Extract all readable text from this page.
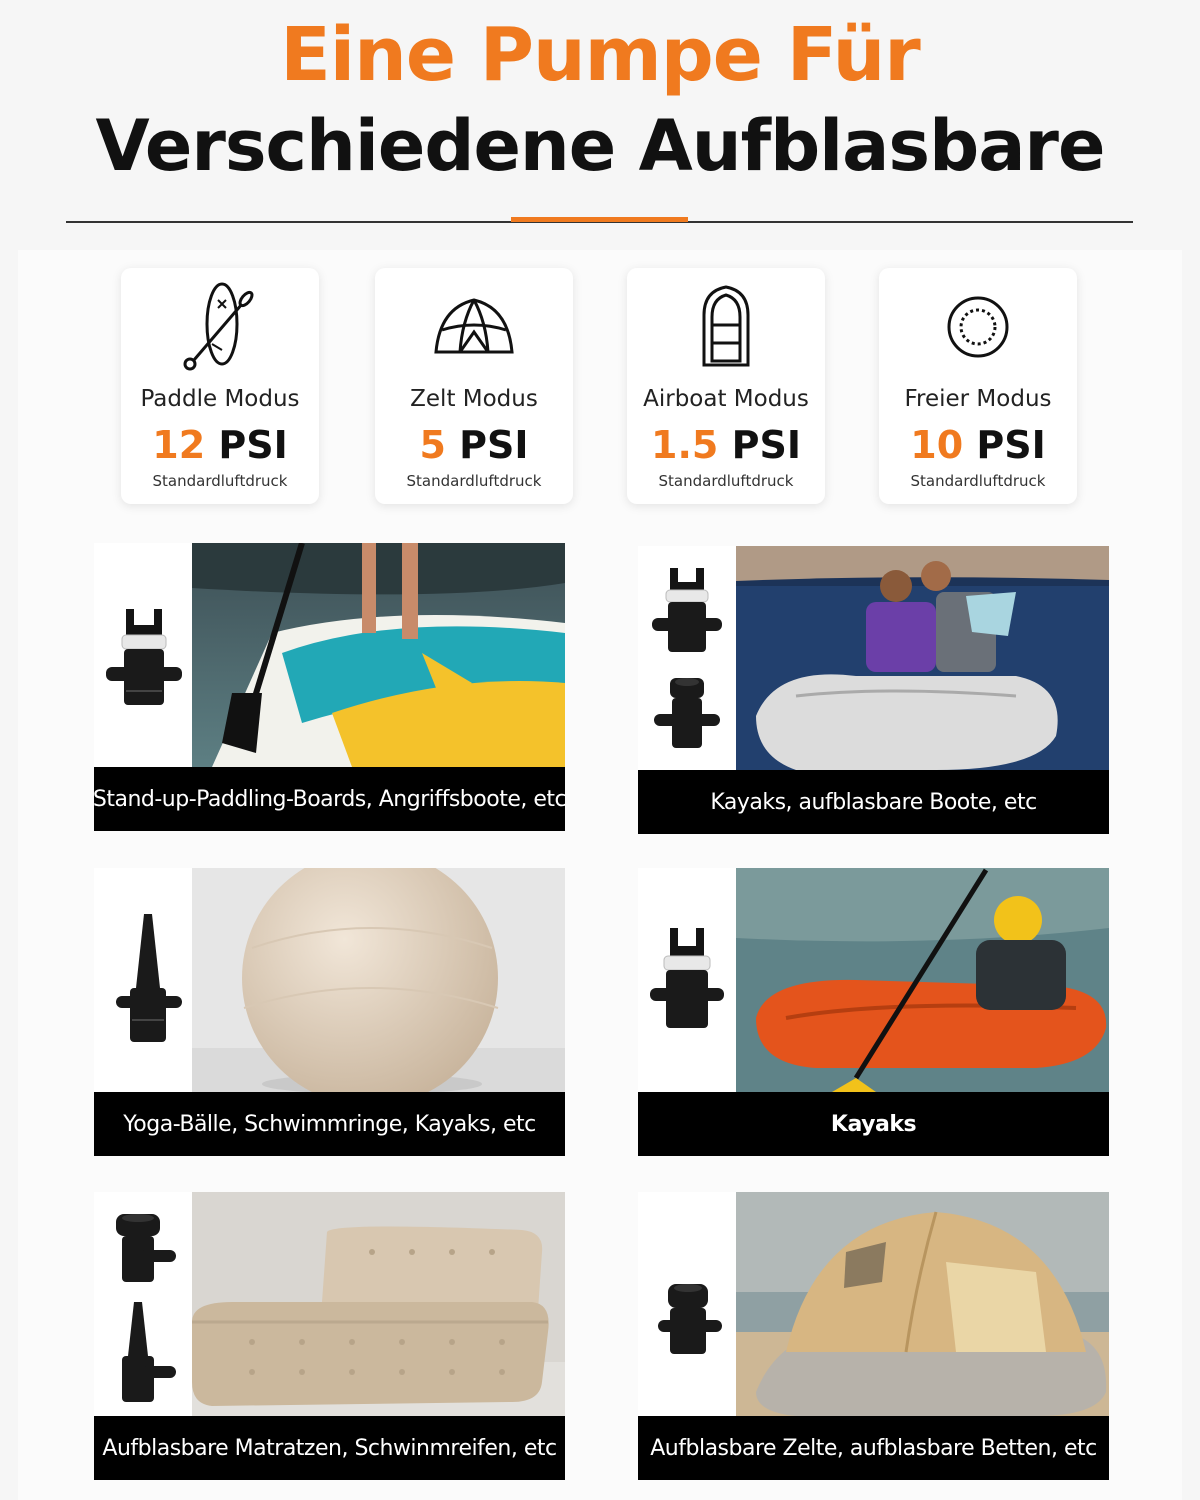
Eine Pumpe Für
Verschiedene Aufblasbare
Paddle Modus
12 PSI
Standardluftdruck
Zelt Modus
5 PSI
Standardluftdruck
Airboat Modus
1.5 PSI
Standardluftdruck
Freier Modus
10 PSI
Standardluftdruck
Stand-up-Paddling-Boards, Angriffsboote, etc	Kayaks, aufblasbare Boote, etc
Yoga-Bälle, Schwimmringe, Kayaks, etc	Kayaks
Aufblasbare Matratzen, Schwinmreifen, etc	Aufblasbare Zelte, aufblasbare Betten, etc
